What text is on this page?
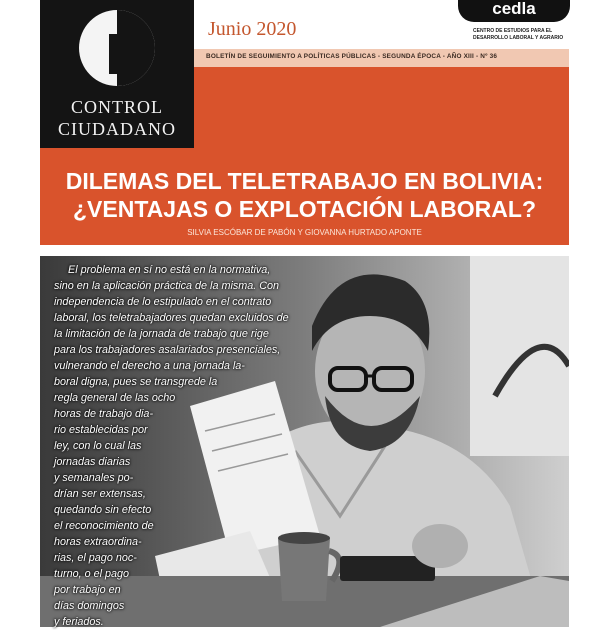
CONTROL
CIUDADANO
Junio 2020
cedla
CENTRO DE ESTUDIOS PARA EL
DESARROLLO LABORAL Y AGRARIO
BOLETÍN DE SEGUIMIENTO A POLÍTICAS PÚBLICAS - SEGUNDA ÉPOCA - AÑO XIII - Nº 36
DILEMAS DEL TELETRABAJO EN BOLIVIA:
¿VENTAJAS O EXPLOTACIÓN LABORAL?
SILVIA ESCÓBAR DE PABÓN Y GIOVANNA HURTADO APONTE
El problema en sí no está en la normativa,
sino en la aplicación práctica de la misma. Con
independencia de lo estipulado en el contrato
laboral, los teletrabajadores quedan excluidos de
la limitación de la jornada de trabajo que rige
para los trabajadores asalariados presenciales,
vulnerando el derecho a una jornada la-
boral digna, pues se transgrede la
regla general de las ocho
horas de trabajo dia-
rio establecidas por
ley, con lo cual las
jornadas diarias
y semanales po-
drían ser extensas,
quedando sin efecto
el reconocimiento de
horas extraordina-
rias, el pago noc-
turno, o el pago
por trabajo en
días domingos
y feriados.
